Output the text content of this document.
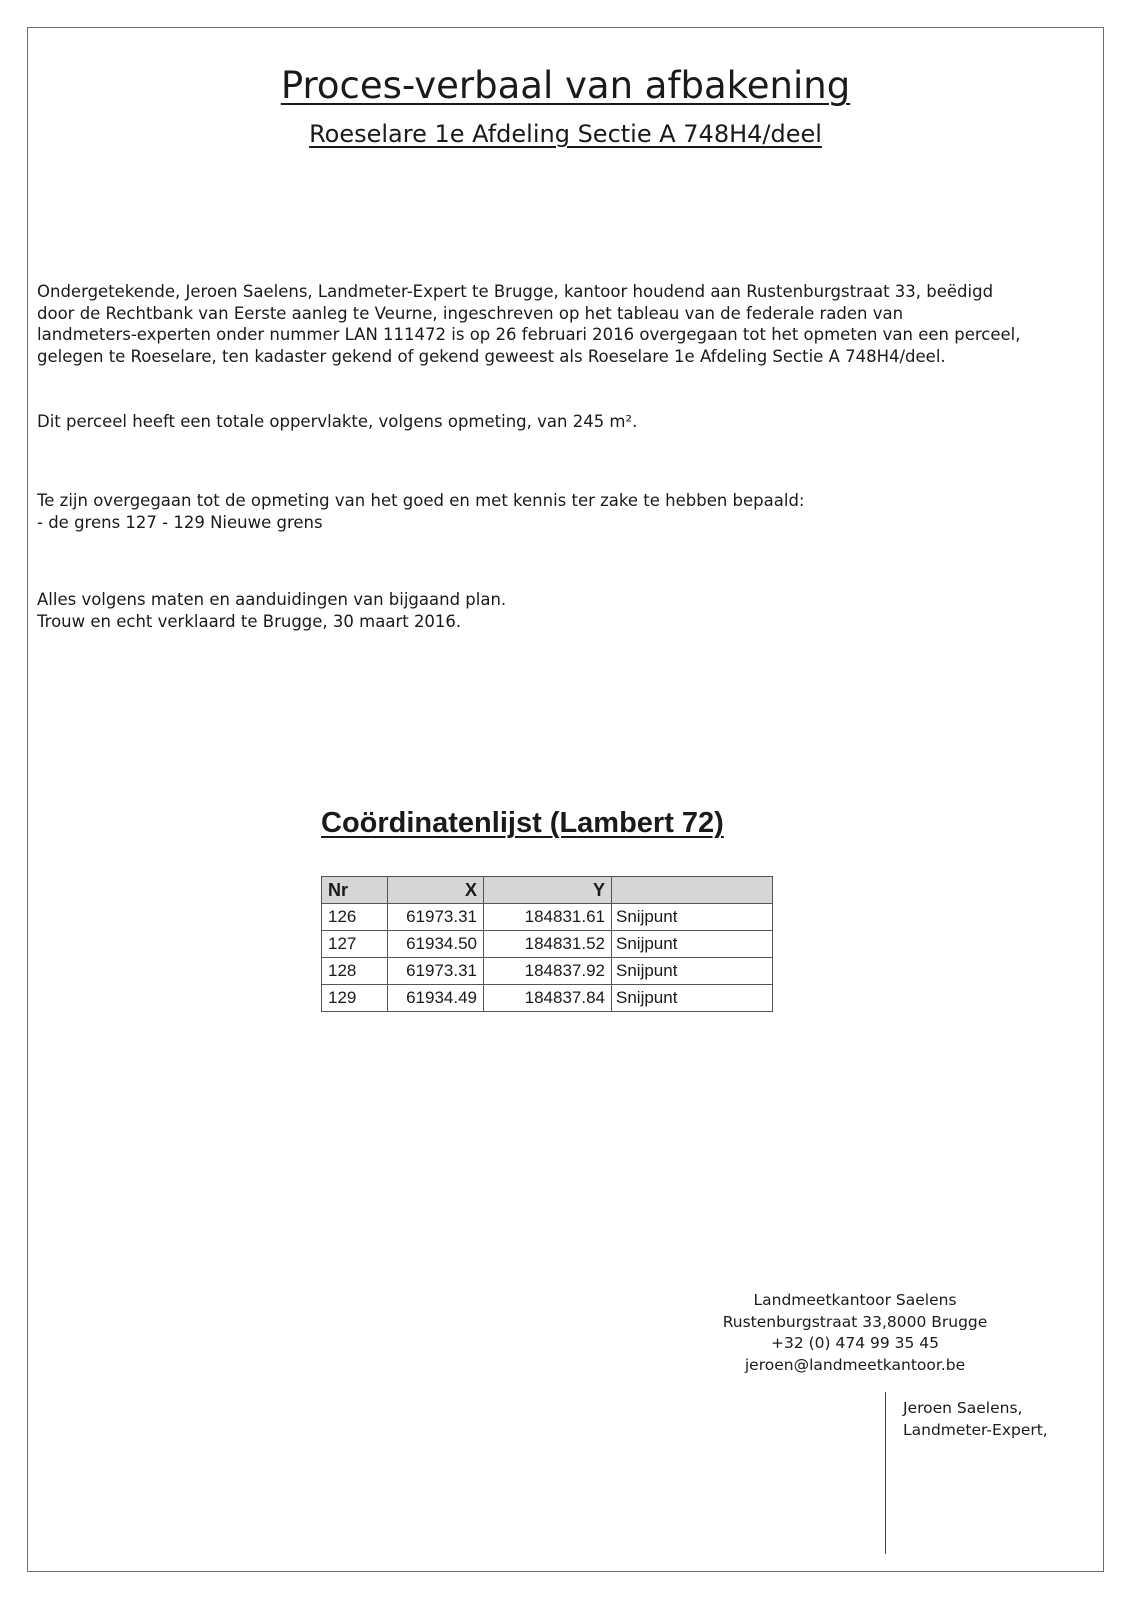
Proces-verbaal van afbakening
Roeselare 1e Afdeling Sectie A 748H4/deel

Ondergetekende, Jeroen Saelens, Landmeter-Expert te Brugge, kantoor houdend aan Rustenburgstraat 33, beëdigd
door de Rechtbank van Eerste aanleg te Veurne, ingeschreven op het tableau van de federale raden van
landmeters-experten onder nummer LAN 111472 is op 26 februari 2016 overgegaan tot het opmeten van een perceel,
gelegen te Roeselare, ten kadaster gekend of gekend geweest als Roeselare 1e Afdeling Sectie A 748H4/deel.

Dit perceel heeft een totale oppervlakte, volgens opmeting, van 245 m².

Te zijn overgegaan tot de opmeting van het goed en met kennis ter zake te hebben bepaald:
- de grens 127 - 129 Nieuwe grens

Alles volgens maten en aanduidingen van bijgaand plan.
Trouw en echt verklaard te Brugge, 30 maart 2016.

Coördinatenlijst (Lambert 72)
Nr	X	Y	
126	61973.31	184831.61	Snijpunt
127	61934.50	184831.52	Snijpunt
128	61973.31	184837.92	Snijpunt
129	61934.49	184837.84	Snijpunt
Landmeetkantoor Saelens
Rustenburgstraat 33,8000 Brugge
+32 (0) 474 99 35 45
jeroen@landmeetkantoor.be
Jeroen Saelens,
Landmeter-Expert,
